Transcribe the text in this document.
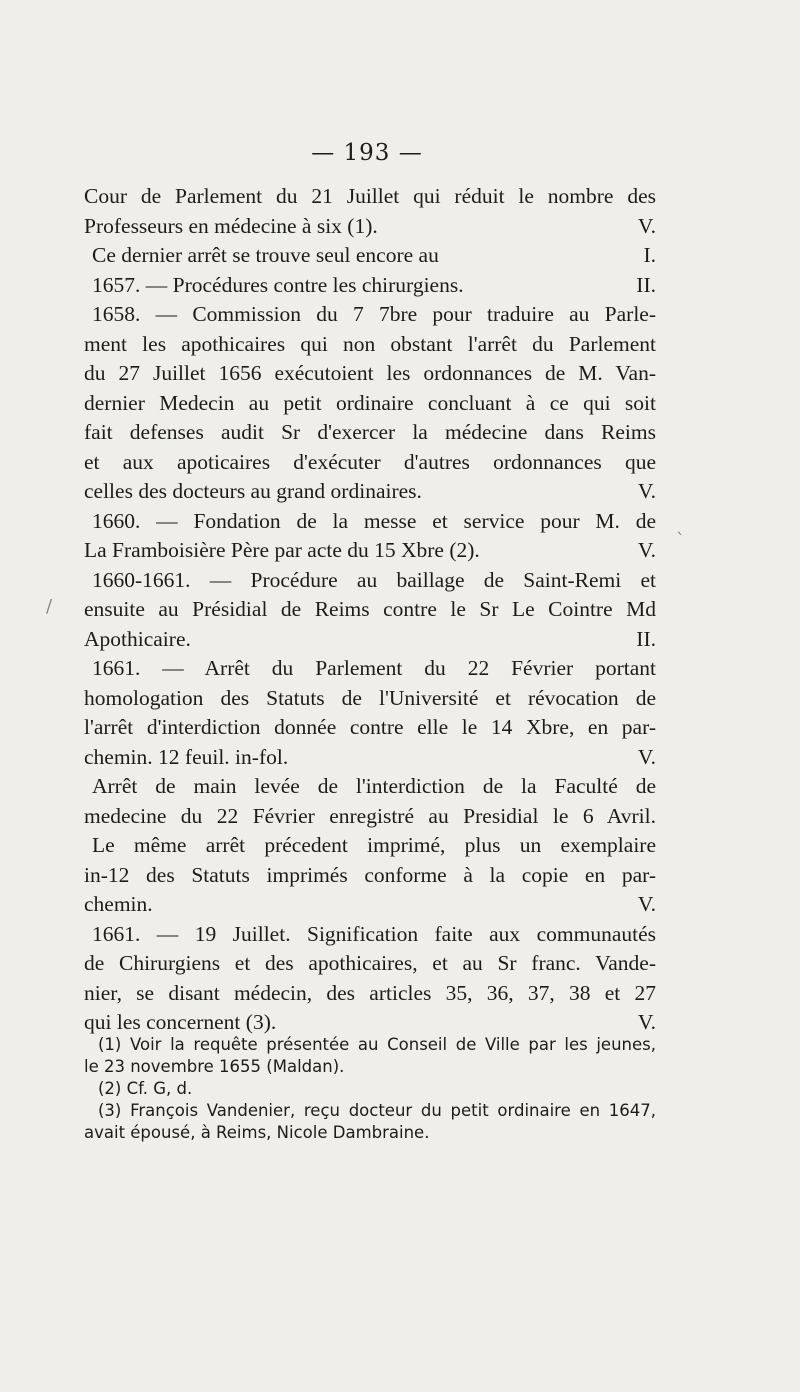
— 193 —
Cour de Parlement du 21 Juillet qui réduit le nombre des
Professeurs en médecine à six (1).	V.
Ce dernier arrêt se trouve seul encore au	I.
1657. — Procédures contre les chirurgiens.	II.
1658. — Commission du 7 7bre pour traduire au Parle-
ment les apothicaires qui non obstant l'arrêt du Parlement
du 27 Juillet 1656 exécutoient les ordonnances de M. Van-
dernier Medecin au petit ordinaire concluant à ce qui soit
fait defenses audit Sr d'exercer la médecine dans Reims
et aux apoticaires d'exécuter d'autres ordonnances que
celles des docteurs au grand ordinaires.	V.
1660. — Fondation de la messe et service pour M. de
La Framboisière Père par acte du 15 Xbre (2).	V.
1660-1661. — Procédure au baillage de Saint-Remi et
ensuite au Présidial de Reims contre le Sr Le Cointre Md
Apothicaire.	II.
1661. — Arrêt du Parlement du 22 Février portant
homologation des Statuts de l'Université et révocation de
l'arrêt d'interdiction donnée contre elle le 14 Xbre, en par-
chemin. 12 feuil. in-fol.	V.
Arrêt de main levée de l'interdiction de la Faculté de
medecine du 22 Février enregistré au Presidial le 6 Avril.
Le même arrêt précedent imprimé, plus un exemplaire
in-12 des Statuts imprimés conforme à la copie en par-
chemin.	V.
1661. — 19 Juillet. Signification faite aux communautés
de Chirurgiens et des apothicaires, et au Sr franc. Vande-
nier, se disant médecin, des articles 35, 36, 37, 38 et 27
qui les concernent (3).	V.
(1) Voir la requête présentée au Conseil de Ville par les jeunes,
le 23 novembre 1655 (Maldan).
(2) Cf. G, d.
(3) François Vandenier, reçu docteur du petit ordinaire en 1647,
avait épousé, à Reims, Nicole Dambraine.
`
/
